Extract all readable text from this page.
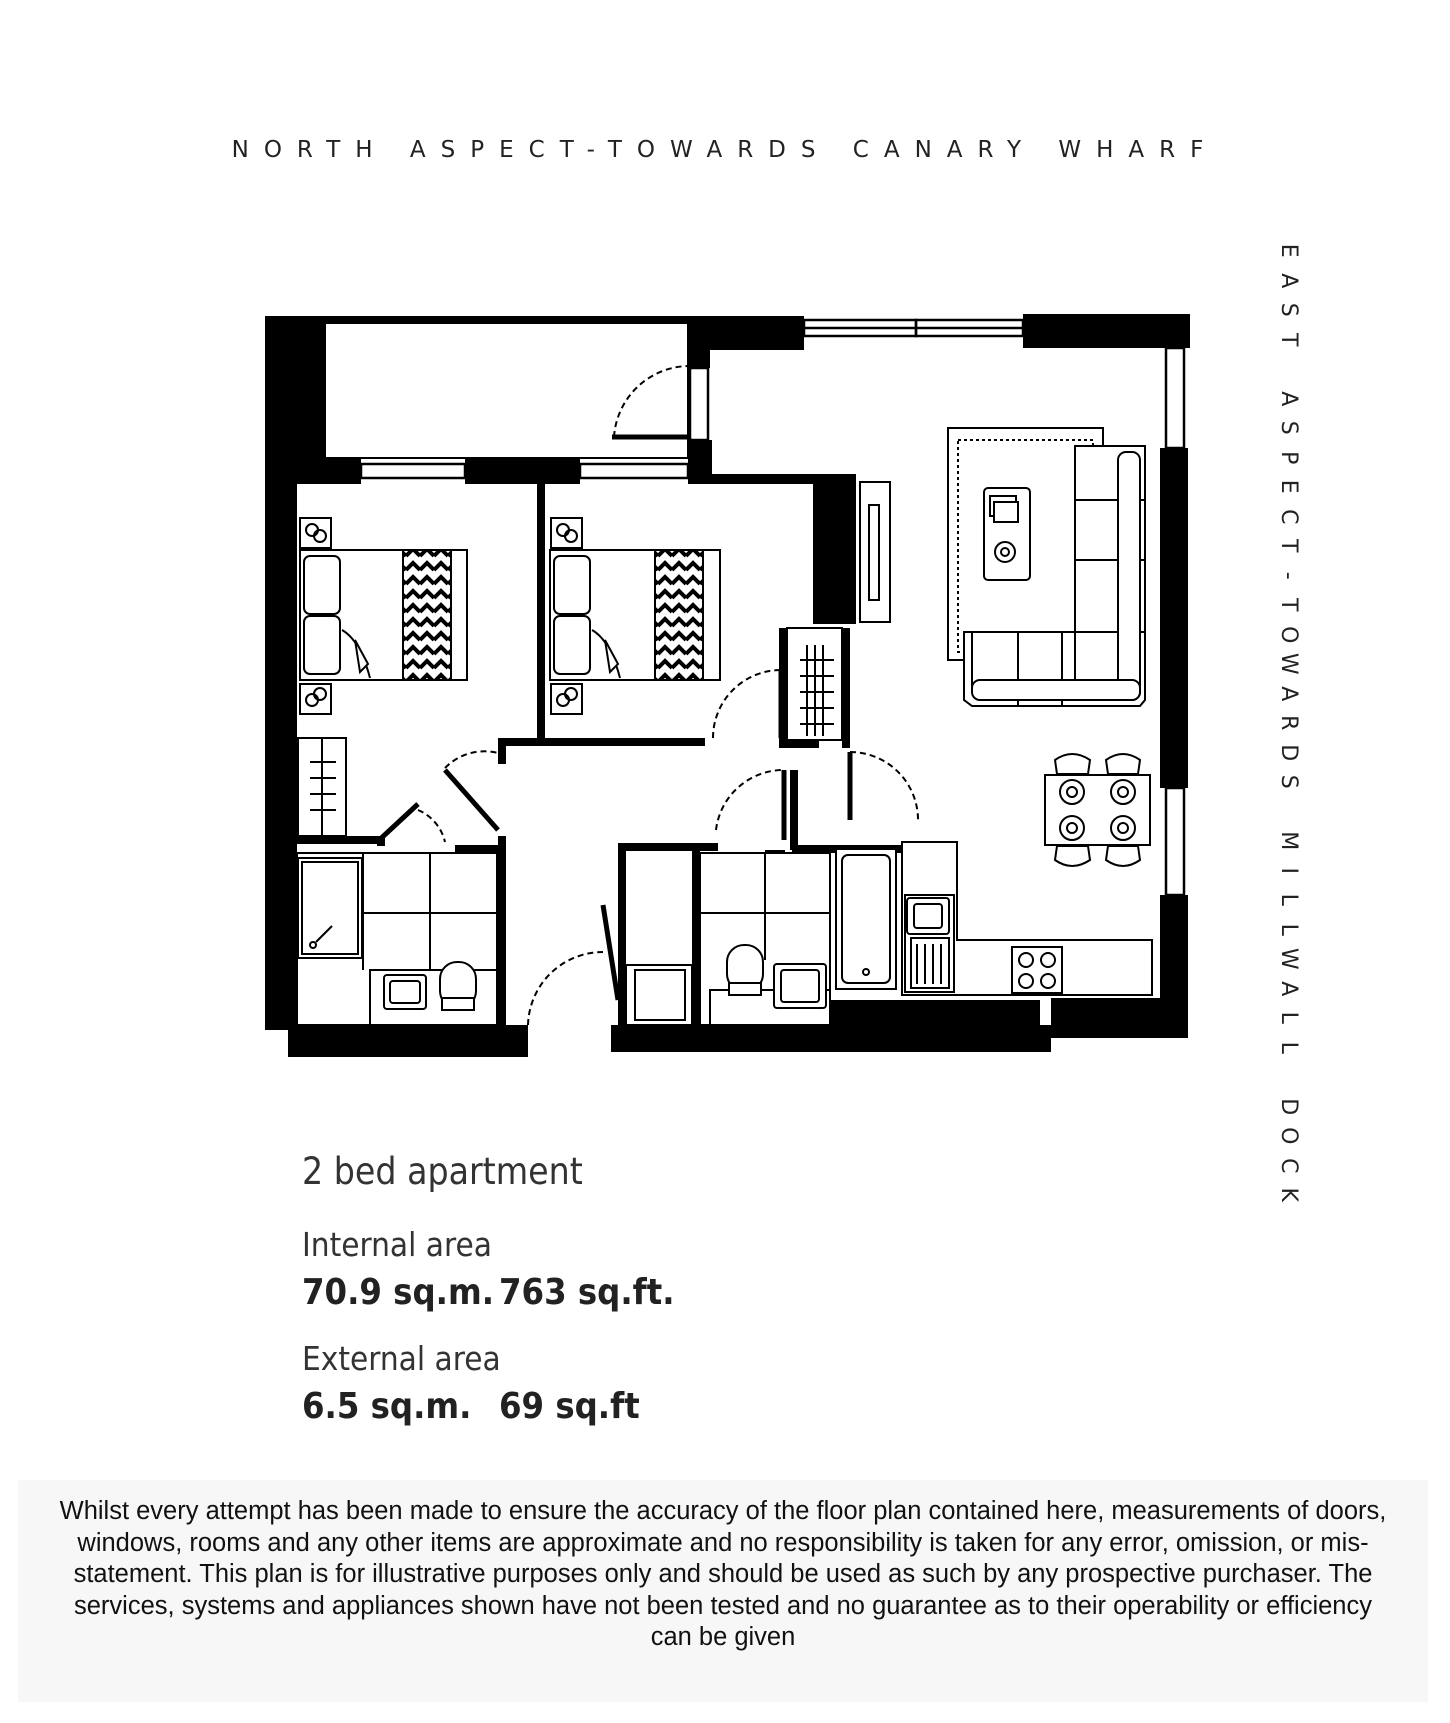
NORTH ASPECT-TOWARDS CANARY WHARF
E
A
S
T

A
S
P
E
C
T
-
T
O
W
A
R
D
S

M
I
L
L
W
A
L
L

D
O
C
K
2 bed apartment
Internal area
70.9 sq.m. 763 sq.ft.
External area
6.5 sq.m. 69 sq.ft
Whilst every attempt has been made to ensure the accuracy of the floor plan contained here, measurements of doors, windows, rooms and any other items are approximate and no responsibility is taken for any error, omission, or mis-statement. This plan is for illustrative purposes only and should be used as such by any prospective purchaser. The services, systems and appliances shown have not been tested and no guarantee as to their operability or efficiency can be given
